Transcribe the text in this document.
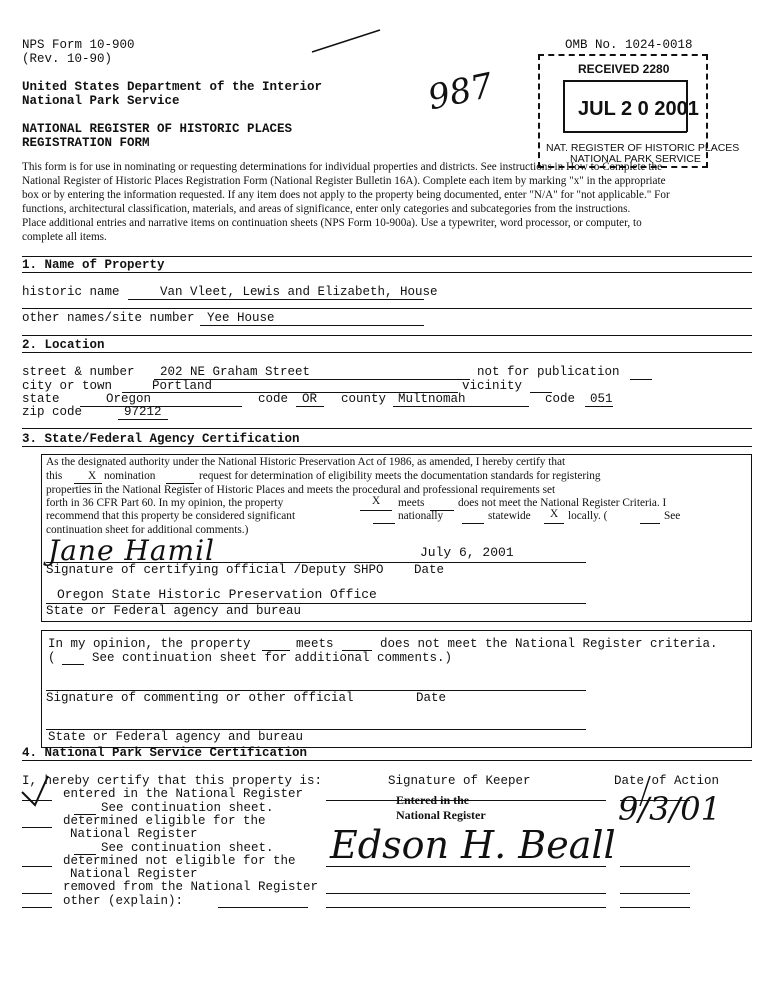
NPS Form 10-900
(Rev. 10-90)
OMB No. 1024-0018
United States Department of the Interior
National Park Service
NATIONAL REGISTER OF HISTORIC PLACES
REGISTRATION FORM
987	RECEIVED 2280
JUL 2 0 2001
NAT. REGISTER OF HISTORIC PLACES
NATIONAL PARK SERVICE
This form is for use in nominating or requesting determinations for individual properties and districts. See instructions in How to Complete the
National Register of Historic Places Registration Form (National Register Bulletin 16A). Complete each item by marking "x" in the appropriate
box or by entering the information requested. If any item does not apply to the property being documented, enter "N/A" for "not applicable." For
functions, architectural classification, materials, and areas of significance, enter only categories and subcategories from the instructions.
Place additional entries and narrative items on continuation sheets (NPS Form 10-900a). Use a typewriter, word processor, or computer, to
complete all items.
1. Name of Property
historic name	Van Vleet, Lewis and Elizabeth, House
other names/site number Yee House
2. Location
street & number 202 NE Graham Street	not for publication
city or town	Portland	vicinity
state	Oregon	code OR county Multnomah	code 051
zip code	97212
3. State/Federal Agency Certification
As the designated authority under the National Historic Preservation Act of 1986, as amended, I hereby certify that
this X nomination	request for determination of eligibility meets the documentation standards for registering
properties in the National Register of Historic Places and meets the procedural and professional requirements set
forth in 36 CFR Part 60. In my opinion, the property	X meets	does not meet the National Register Criteria. I
recommend that this property be considered significant	nationally	statewide X locally. (	See
continuation sheet for additional comments.)
Jane Hamil	July 6, 2001
Signature of certifying official /Deputy SHPO Date
Oregon State Historic Preservation Office
State or Federal agency and bureau
In my opinion, the property	meets	does not meet the National Register criteria.
(	See continuation sheet for additional comments.)
Signature of commenting or other official	Date
State or Federal agency and bureau
4. National Park Service Certification
I, hereby certify that this property is:	Signature of Keeper	Date of Action
entered in the National Register
See continuation sheet.
determined eligible for the
National Register
See continuation sheet.
determined not eligible for the
National Register
removed from the National Register
other (explain):
Entered in the
National Register
Edson H. Beall
9/3/01
